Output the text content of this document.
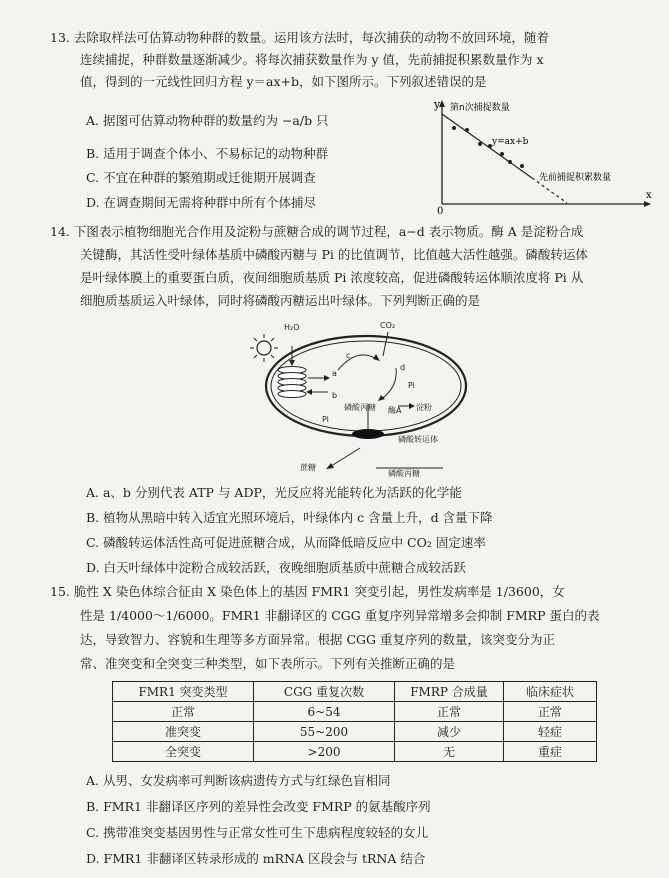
13. 去除取样法可估算动物种群的数量。运用该方法时，每次捕获的动物不放回环境，随着
连续捕捉，种群数量逐渐减少。将每次捕获数量作为 y 值，先前捕捉积累数量作为 x
值，得到的一元线性回归方程 y＝ax+b，如下图所示。下列叙述错误的是
A. 据图可估算动物种群的数量约为 −a/b 只
B. 适用于调查个体小、不易标记的动物种群
C. 不宜在种群的繁殖期或迁徙期开展调查
D. 在调查期间无需将种群中所有个体捕尽
y 第n次捕捉数量
y=ax+b
先前捕捉积累数量
0
x
14. 下图表示植物细胞光合作用及淀粉与蔗糖合成的调节过程，a−d 表示物质。酶 A 是淀粉合成
关键酶，其活性受叶绿体基质中磷酸丙糖与 Pi 的比值调节，比值越大活性越强。磷酸转运体
是叶绿体膜上的重要蛋白质，夜间细胞质基质 Pi 浓度较高，促进磷酸转运体顺浓度将 Pi 从
细胞质基质运入叶绿体，同时将磷酸丙糖运出叶绿体。下列判断正确的是
H₂O	CO₂
a
b
c
d
Pi
Pi
磷酸丙糖 酶A 淀粉
磷酸转运体
蔗糖
磷酸丙糖
A. a、b 分别代表 ATP 与 ADP，光反应将光能转化为活跃的化学能
B. 植物从黑暗中转入适宜光照环境后，叶绿体内 c 含量上升，d 含量下降
C. 磷酸转运体活性高可促进蔗糖合成，从而降低暗反应中 CO₂ 固定速率
D. 白天叶绿体中淀粉合成较活跃，夜晚细胞质基质中蔗糖合成较活跃
15. 脆性 X 染色体综合征由 X 染色体上的基因 FMR1 突变引起，男性发病率是 1/3600，女
性是 1/4000～1/6000。FMR1 非翻译区的 CGG 重复序列异常增多会抑制 FMRP 蛋白的表
达，导致智力、容貌和生理等多方面异常。根据 CGG 重复序列的数量，该突变分为正
常、准突变和全突变三种类型，如下表所示。下列有关推断正确的是
FMR1 突变类型	CGG 重复次数	FMRP 合成量	临床症状
正常	6~54	正常	正常
准突变	55~200	减少	轻症
全突变	>200	无	重症
A. 从男、女发病率可判断该病遗传方式与红绿色盲相同
B. FMR1 非翻译区序列的差异性会改变 FMRP 的氨基酸序列
C. 携带准突变基因男性与正常女性可生下患病程度较轻的女儿
D. FMR1 非翻译区转录形成的 mRNA 区段会与 tRNA 结合
